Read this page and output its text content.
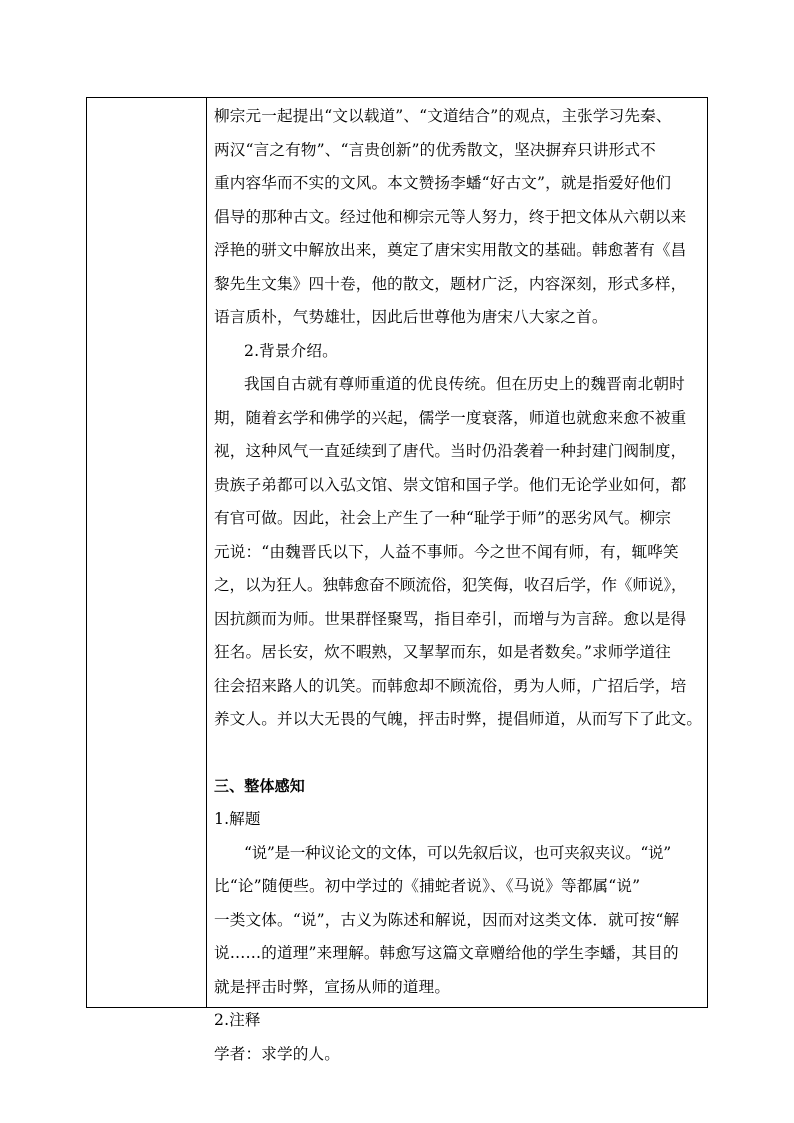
柳宗元一起提出“文以载道”、“文道结合”的观点，主张学习先秦、
两汉“言之有物”、“言贵创新”的优秀散文，坚决摒弃只讲形式不
重内容华而不实的文风。本文赞扬李蟠“好古文”，就是指爱好他们
倡导的那种古文。经过他和柳宗元等人努力，终于把文体从六朝以来
浮艳的骈文中解放出来，奠定了唐宋实用散文的基础。韩愈著有《昌
黎先生文集》四十卷，他的散文，题材广泛，内容深刻，形式多样，
语言质朴，气势雄壮，因此后世尊他为唐宋八大家之首。
2.背景介绍。
我国自古就有尊师重道的优良传统。但在历史上的魏晋南北朝时
期，随着玄学和佛学的兴起，儒学一度衰落，师道也就愈来愈不被重
视，这种风气一直延续到了唐代。当时仍沿袭着一种封建门阀制度，
贵族子弟都可以入弘文馆、崇文馆和国子学。他们无论学业如何，都
有官可做。因此，社会上产生了一种“耻学于师”的恶劣风气。柳宗
元说：“由魏晋氏以下，人益不事师。今之世不闻有师，有，辄哗笑
之，以为狂人。独韩愈奋不顾流俗，犯笑侮，收召后学，作《师说》，
因抗颜而为师。世果群怪聚骂，指目牵引，而增与为言辞。愈以是得
狂名。居长安，炊不暇熟，又挈挈而东，如是者数矣。”求师学道往
往会招来路人的讥笑。而韩愈却不顾流俗，勇为人师，广招后学，培
养文人。并以大无畏的气魄，抨击时弊，提倡师道，从而写下了此文。
三、整体感知
1.解题
“说”是一种议论文的文体，可以先叙后议，也可夹叙夹议。“说”
比“论”随便些。初中学过的《捕蛇者说》、《马说》等都属“说”
一类文体。“说”，古义为陈述和解说，因而对这类文体．就可按“解
说……的道理”来理解。韩愈写这篇文章赠给他的学生李蟠，其目的
就是抨击时弊，宣扬从师的道理。
2.注释
学者：求学的人。
